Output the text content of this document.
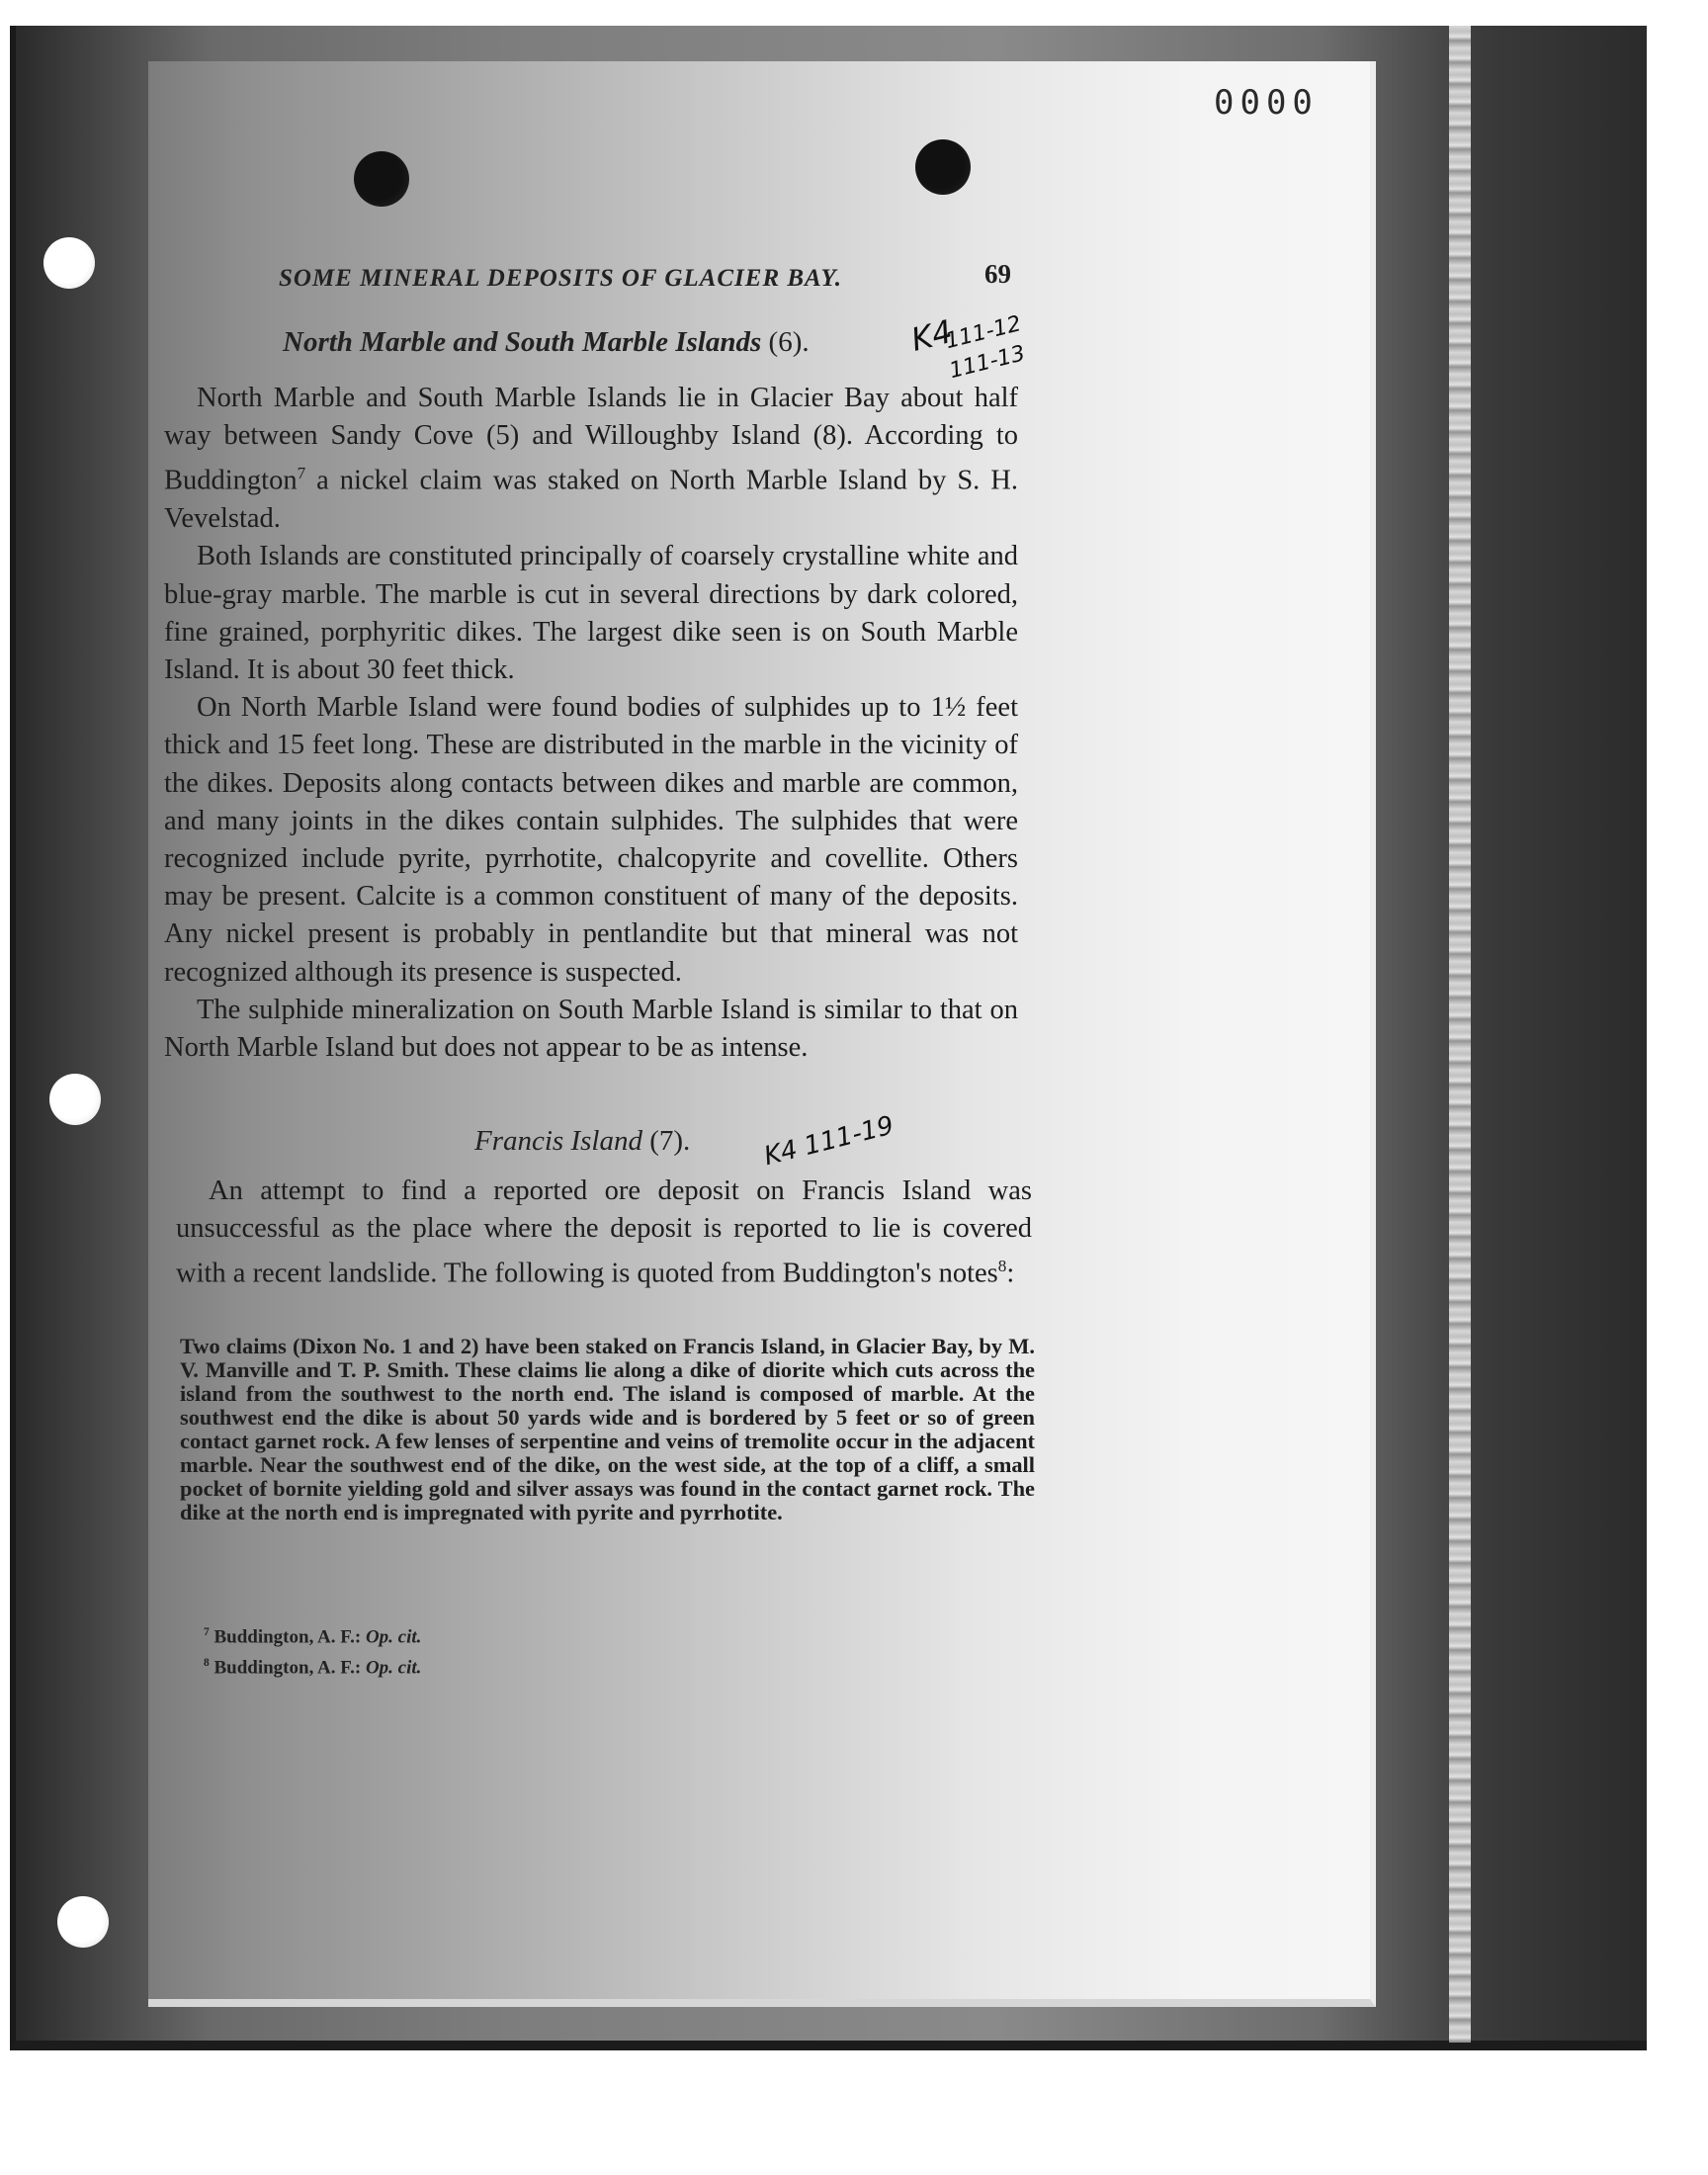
0000
SOME MINERAL DEPOSITS OF GLACIER BAY.	69
North Marble and South Marble Islands (6).	K4
111-12
111-13

North Marble and South Marble Islands lie in Glacier Bay about half way between Sandy Cove (5) and Willoughby Island (8). According to Buddington$^7$ a nickel claim was staked on North Marble Island by S. H. Vevelstad.

Both Islands are constituted principally of coarsely crystalline white and blue-gray marble. The marble is cut in several directions by dark colored, fine grained, porphyritic dikes. The largest dike seen is on South Marble Island. It is about 30 feet thick.

On North Marble Island were found bodies of sulphides up to 1½ feet thick and 15 feet long. These are distributed in the marble in the vicinity of the dikes. Deposits along contacts between dikes and marble are common, and many joints in the dikes contain sulphides. The sulphides that were recognized include pyrite, pyrrhotite, chalcopyrite and covellite. Others may be present. Calcite is a common constituent of many of the deposits. Any nickel present is probably in pentlandite but that mineral was not recognized although its presence is suspected.

The sulphide mineralization on South Marble Island is similar to that on North Marble Island but does not appear to be as intense.

Francis Island (7).	K4 111-19

An attempt to find a reported ore deposit on Francis Island was unsuccessful as the place where the deposit is reported to lie is covered with a recent landslide. The following is quoted from Buddington's notes$^8$:

Two claims (Dixon No. 1 and 2) have been staked on Francis Island, in Glacier Bay, by M. V. Manville and T. P. Smith. These claims lie along a dike of diorite which cuts across the island from the southwest to the north end. The island is composed of marble. At the southwest end the dike is about 50 yards wide and is bordered by 5 feet or so of green contact garnet rock. A few lenses of serpentine and veins of tremolite occur in the adjacent marble. Near the southwest end of the dike, on the west side, at the top of a cliff, a small pocket of bornite yielding gold and silver assays was found in the contact garnet rock. The dike at the north end is impregnated with pyrite and pyrrhotite.
$^7$ Buddington, A. F.: Op. cit.
$^8$ Buddington, A. F.: Op. cit.
